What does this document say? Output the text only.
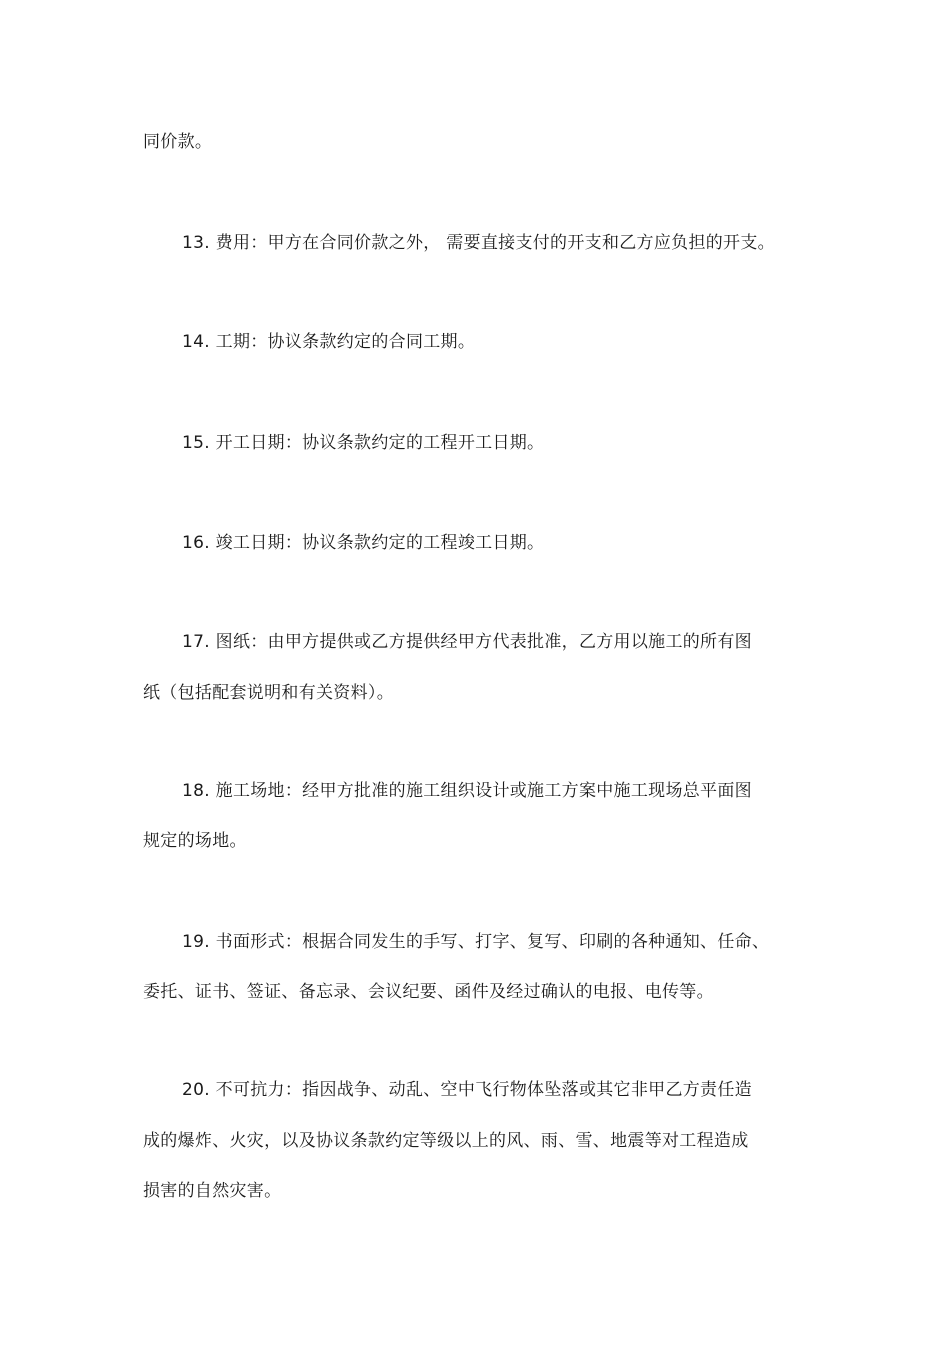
同价款。
13. 费用：甲方在合同价款之外， 需要直接支付的开支和乙方应负担的开支。
14. 工期：协议条款约定的合同工期。
15. 开工日期：协议条款约定的工程开工日期。
16. 竣工日期：协议条款约定的工程竣工日期。
17. 图纸：由甲方提供或乙方提供经甲方代表批准，乙方用以施工的所有图
纸（包括配套说明和有关资料）。
18. 施工场地：经甲方批准的施工组织设计或施工方案中施工现场总平面图
规定的场地。
19. 书面形式：根据合同发生的手写、打字、复写、印刷的各种通知、任命、
委托、证书、签证、备忘录、会议纪要、函件及经过确认的电报、电传等。
20. 不可抗力：指因战争、动乱、空中飞行物体坠落或其它非甲乙方责任造
成的爆炸、火灾，以及协议条款约定等级以上的风、雨、雪、地震等对工程造成
损害的自然灾害。
